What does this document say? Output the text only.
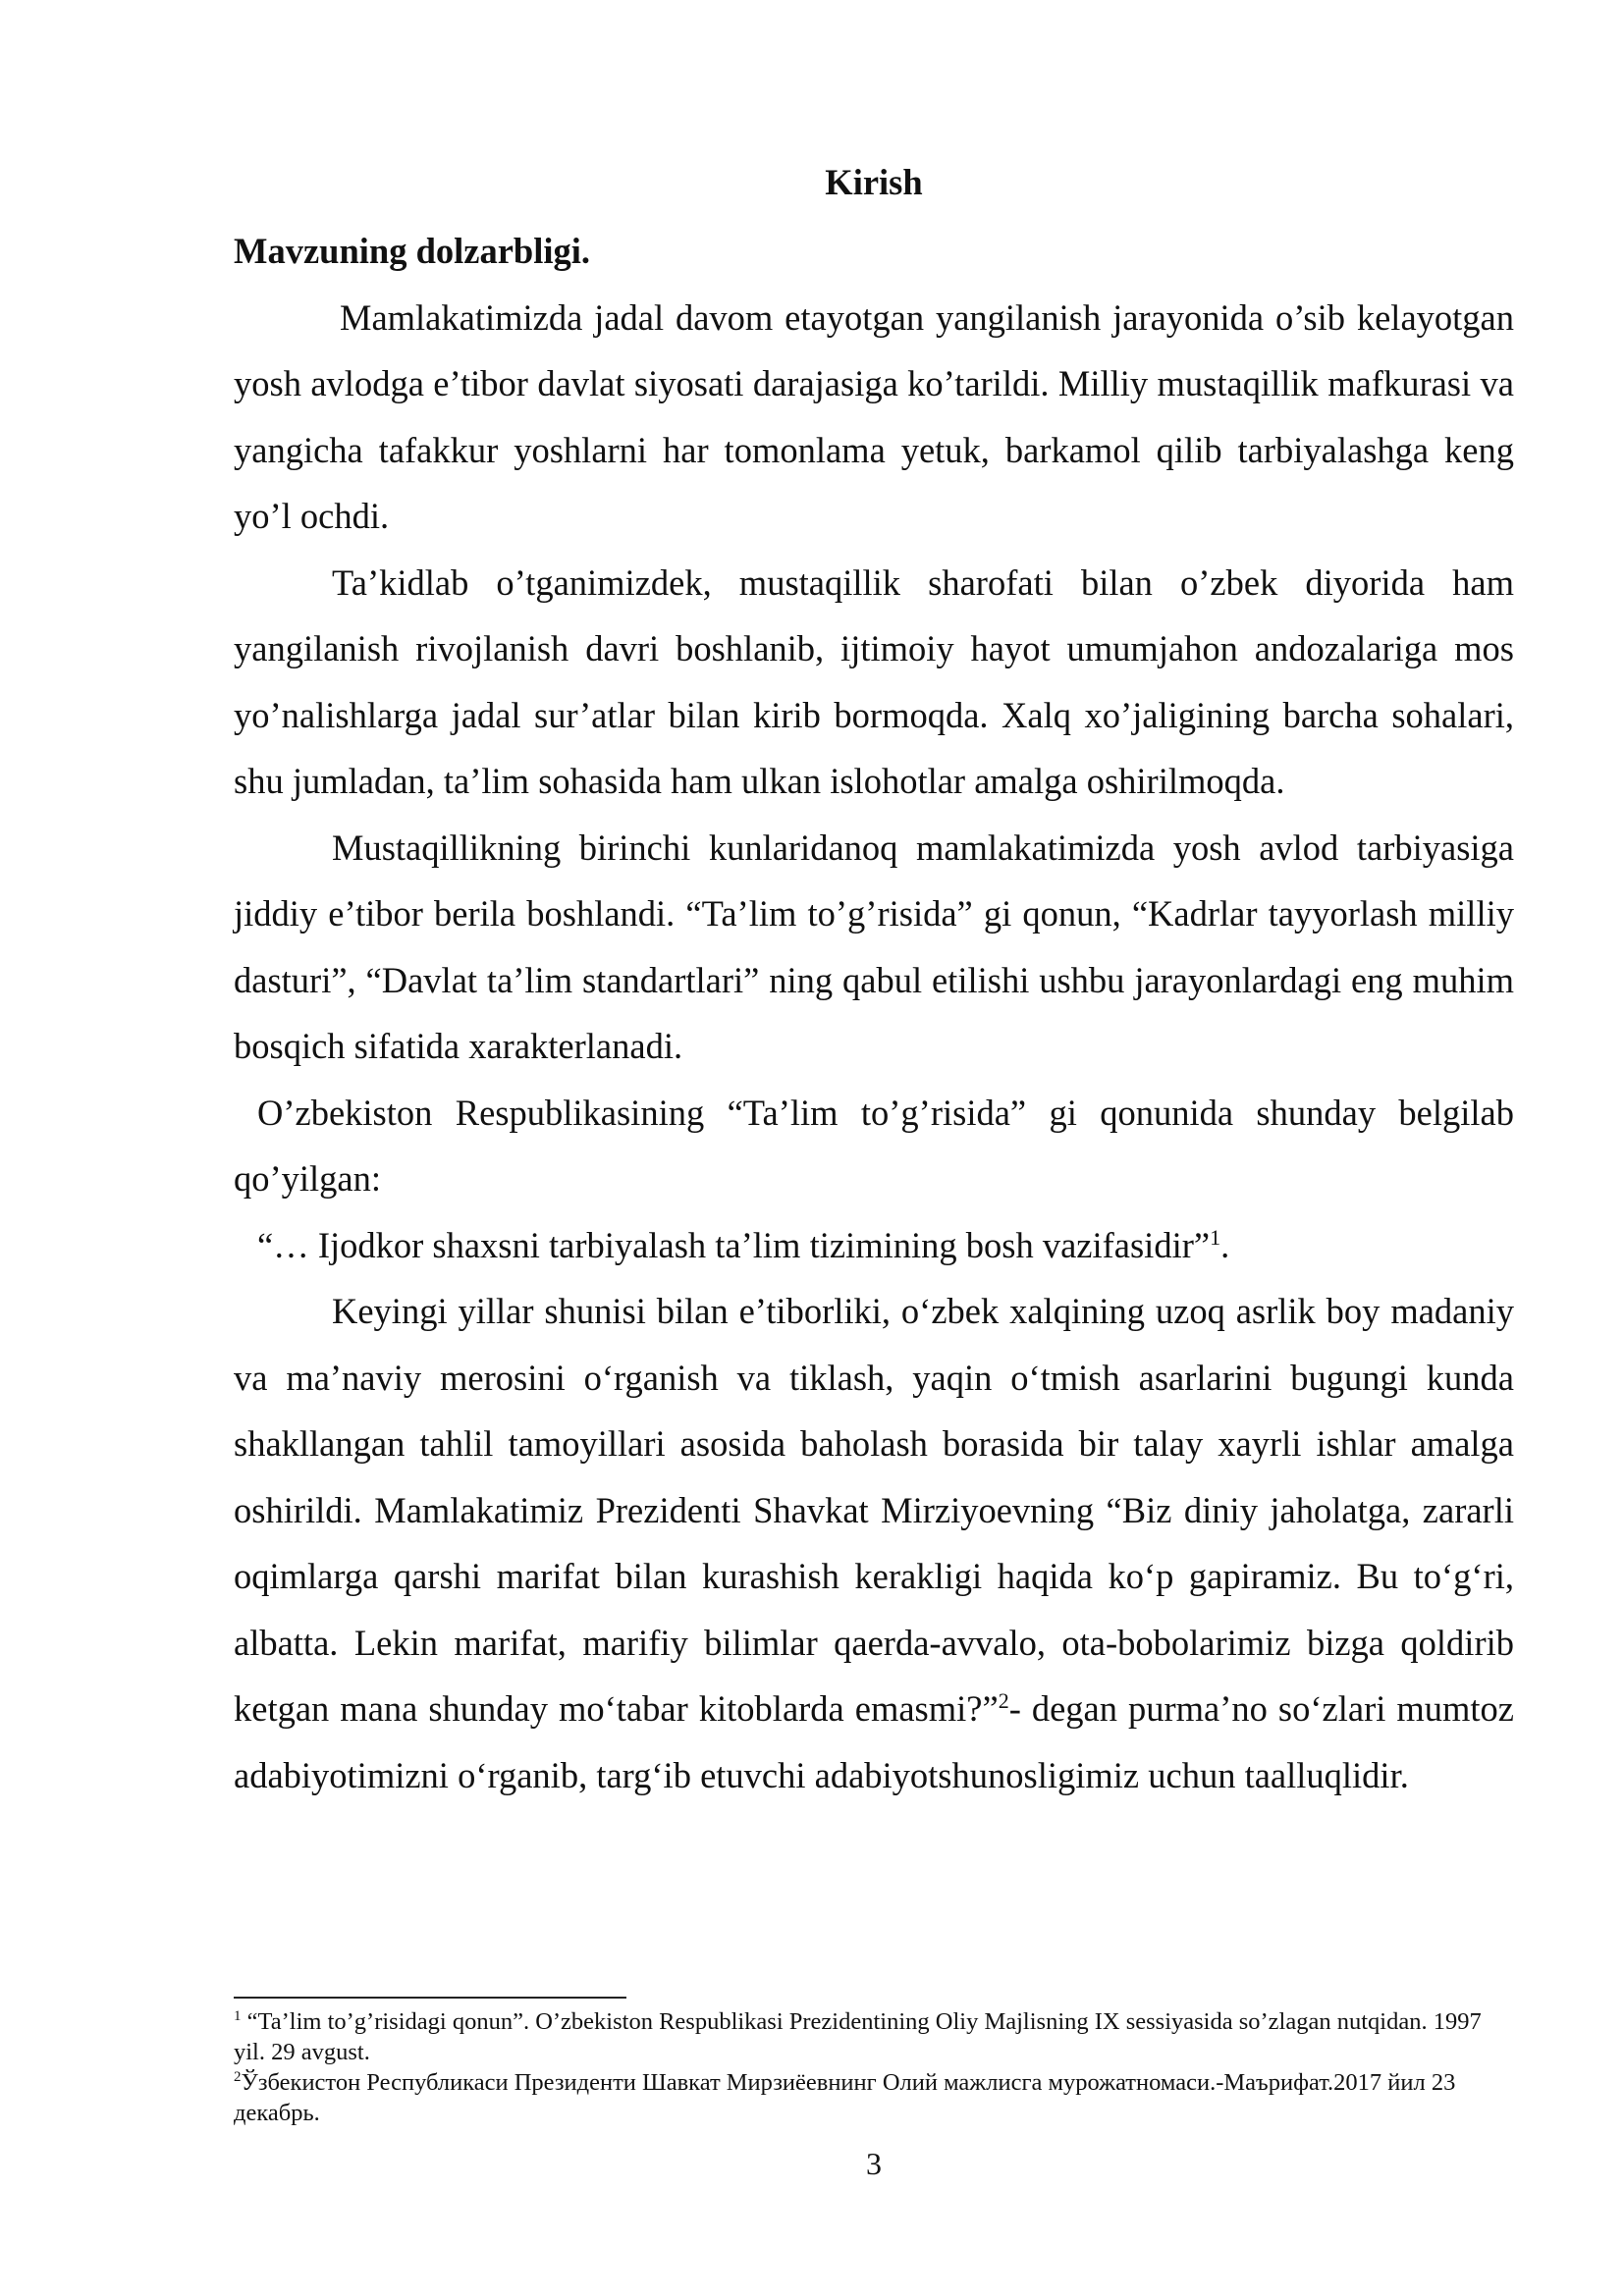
Kirish

Mavzuning dolzarbligi.

Mamlakatimizda jadal davom etayotgan yangilanish jarayonida o’sib kelayotgan yosh avlodga e’tibor davlat siyosati darajasiga ko’tarildi. Milliy mustaqillik mafkurasi va yangicha tafakkur yoshlarni har tomonlama yetuk, barkamol qilib tarbiyalashga keng yo’l ochdi.

Ta’kidlab o’tganimizdek, mustaqillik sharofati bilan o’zbek diyorida ham yangilanish rivojlanish davri boshlanib, ijtimoiy hayot umumjahon andozalariga mos yo’nalishlarga jadal sur’atlar bilan kirib bormoqda. Xalq xo’jaligining barcha sohalari, shu jumladan, ta’lim sohasida ham ulkan islohotlar amalga oshirilmoqda.

Mustaqillikning birinchi kunlaridanoq mamlakatimizda yosh avlod tarbiyasiga jiddiy e’tibor berila boshlandi. “Ta’lim to’g’risida” gi qonun, “Kadrlar tayyorlash milliy dasturi”, “Davlat ta’lim standartlari” ning qabul etilishi ushbu jarayonlardagi eng muhim bosqich sifatida xarakterlanadi.

O’zbekiston Respublikasining “Ta’lim to’g’risida” gi qonunida shunday belgilab qo’yilgan:

“… Ijodkor shaxsni tarbiyalash ta’lim tizimining bosh vazifasidir”$^1$.

Keyingi yillar shunisi bilan e’tiborliki, o‘zbek xalqining uzoq asrlik boy madaniy va ma’naviy merosini o‘rganish va tiklash, yaqin o‘tmish asarlarini bugungi kunda shakllangan tahlil tamoyillari asosida baholash borasida bir talay xayrli ishlar amalga oshirildi. Mamlakatimiz Prezidenti Shavkat Mirziyoevning “Biz diniy jaholatga, zararli oqimlarga qarshi marifat bilan kurashish kerakligi haqida ko‘p gapiramiz. Bu to‘g‘ri, albatta. Lekin marifat, marifiy bilimlar qaerda-avvalo, ota-bobolarimiz bizga qoldirib ketgan mana shunday mo‘tabar kitoblarda emasmi?”$^2$- degan purma’no so‘zlari mumtoz adabiyotimizni o‘rganib, targ‘ib etuvchi adabiyotshunosligimiz uchun taalluqlidir.

$^1$ “Ta’lim to’g’risidagi qonun”. O’zbekiston Respublikasi Prezidentining Oliy Majlisning IX sessiyasida so’zlagan nutqidan. 1997 yil. 29 avgust.

$^2$Ўзбекистон Республикаси Президенти Шавкат Мирзиёевнинг Олий мажлисга мурожатномаси.-Маърифат.2017 йил 23 декабрь.

3
